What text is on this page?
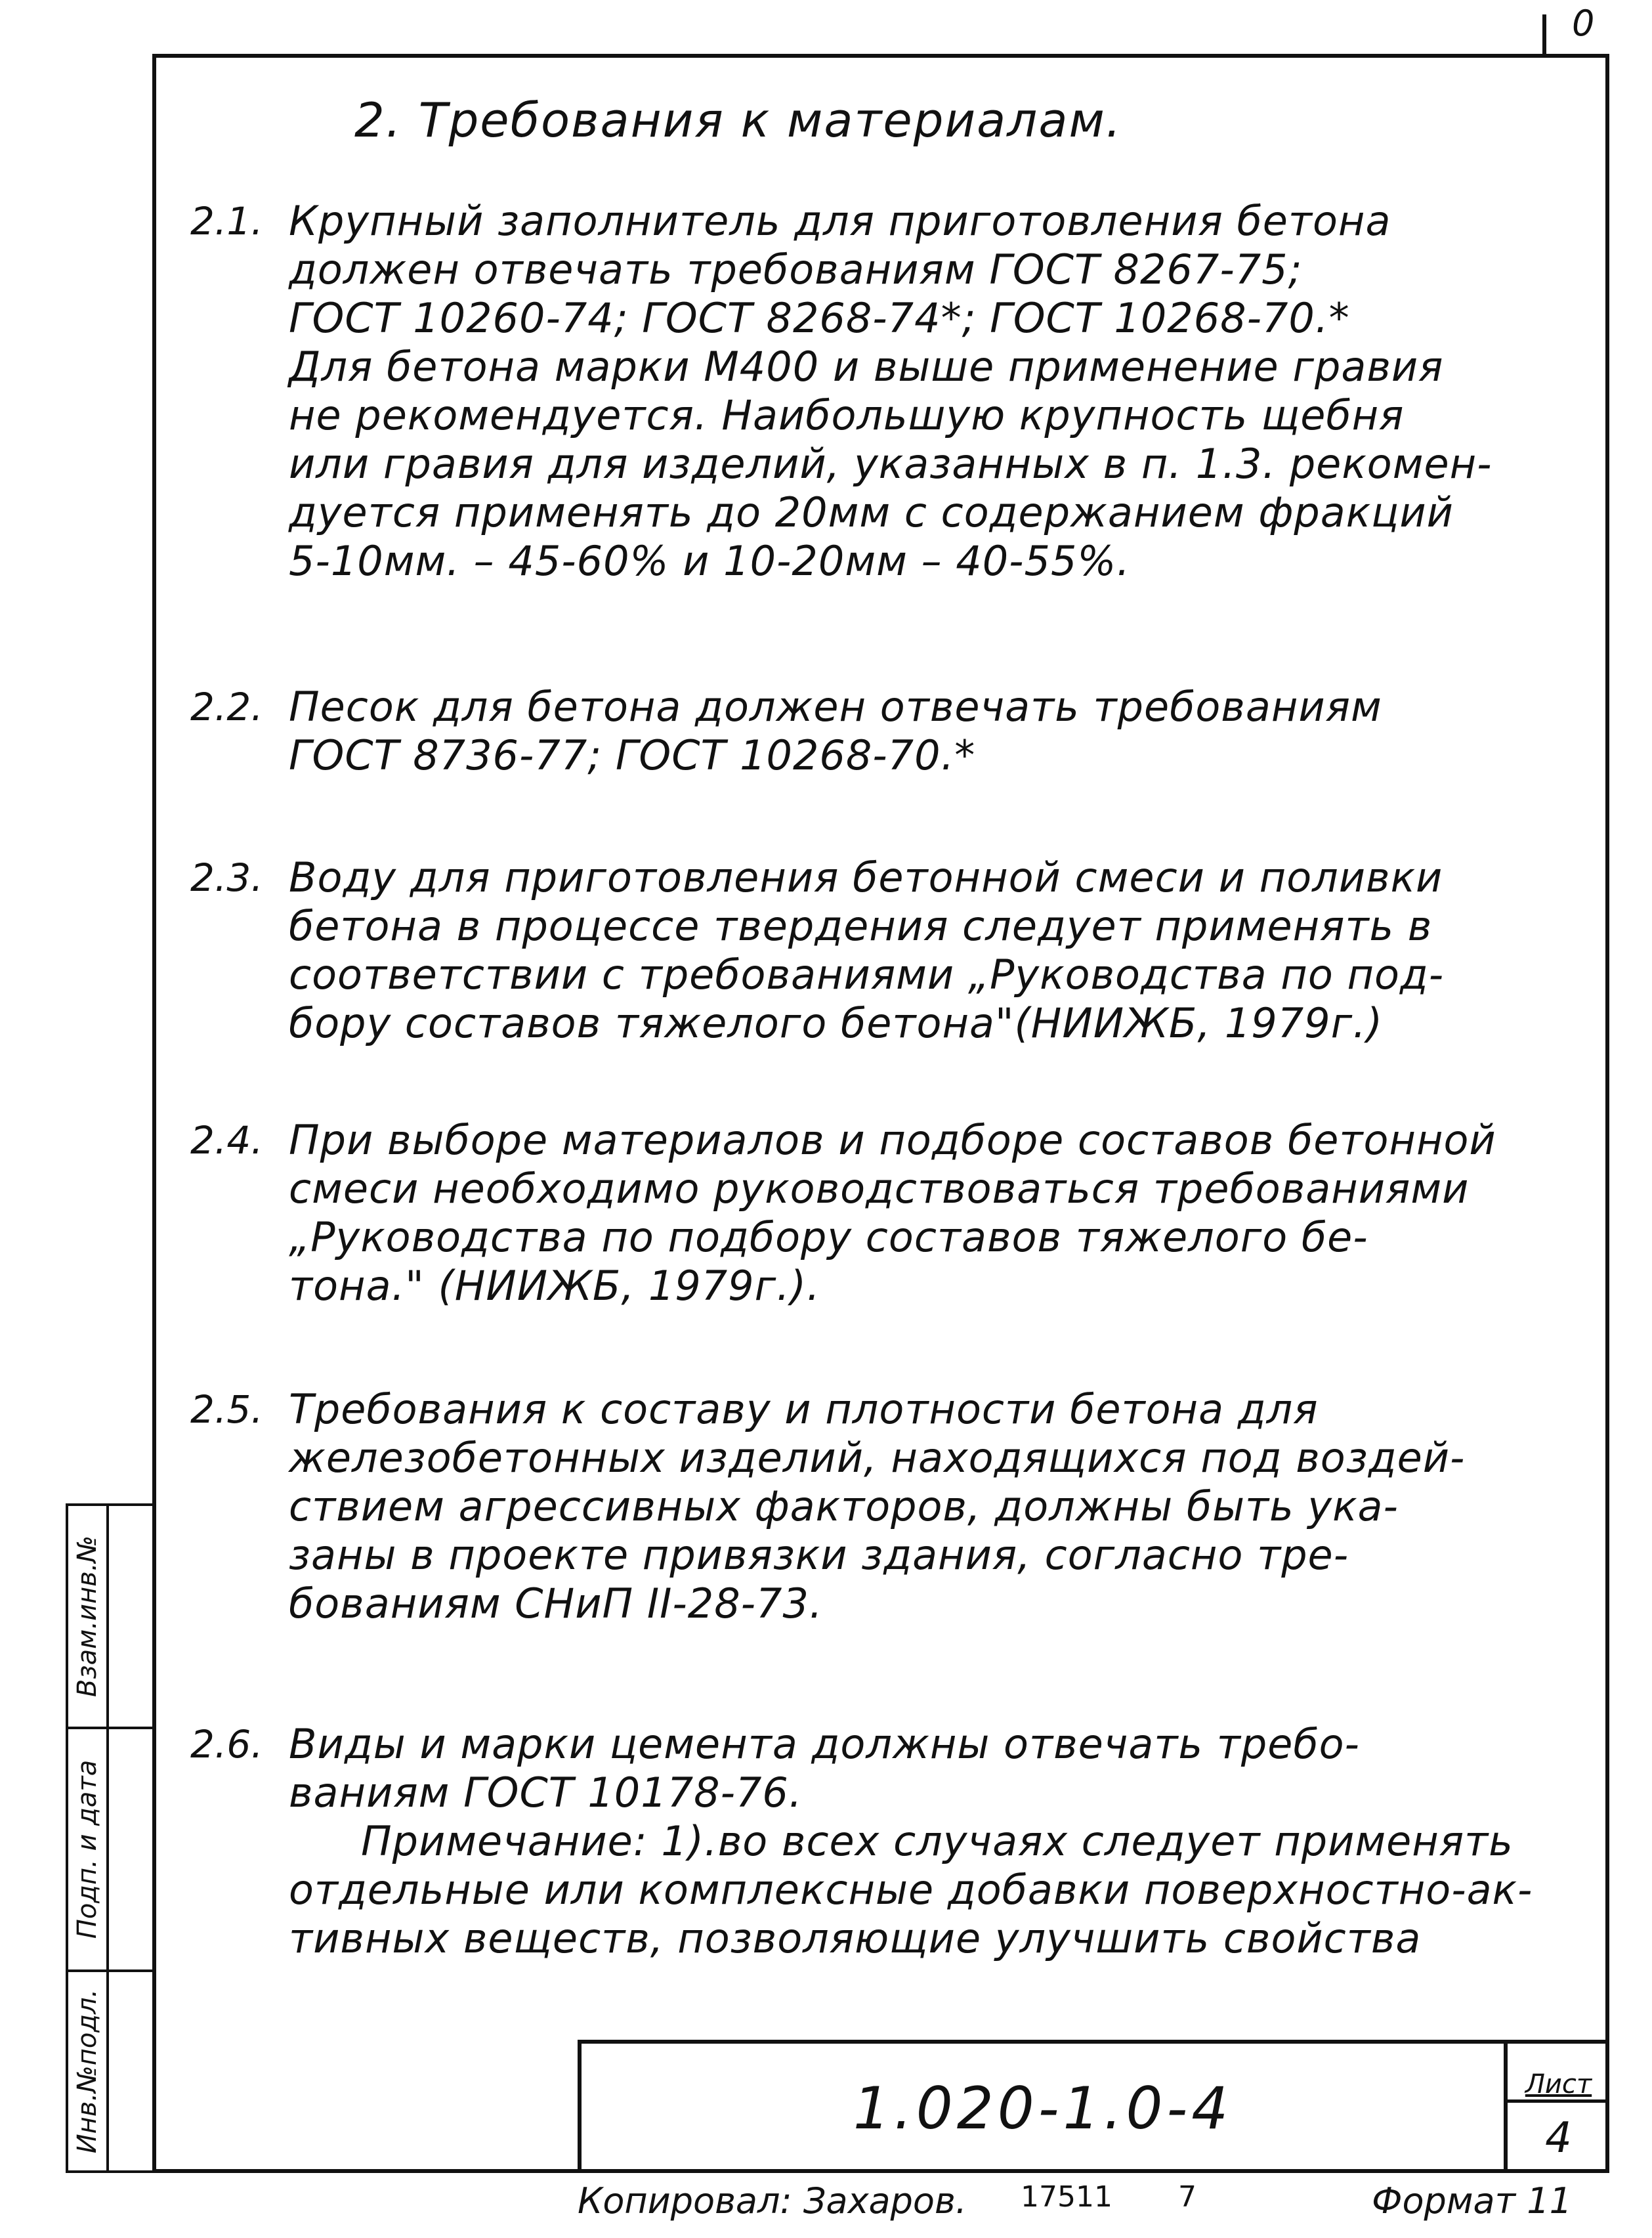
0
2. Требования к материалам.
2.1. Крупный заполнитель для приготовления бетона
должен отвечать требованиям ГОСТ 8267-75;
ГОСТ 10260-74; ГОСТ 8268-74*; ГОСТ 10268-70.*
Для бетона марки М400 и выше применение гравия
не рекомендуется. Наибольшую крупность щебня
или гравия для изделий, указанных в п. 1.3. рекомен-
дуется применять до 20мм с содержанием фракций
5-10мм. – 45-60% и 10-20мм – 40-55%.
2.2. Песок для бетона должен отвечать требованиям
ГОСТ 8736-77; ГОСТ 10268-70.*
2.3. Воду для приготовления бетонной смеси и поливки
бетона в процессе твердения следует применять в
соответствии с требованиями „Руководства по под-
бору составов тяжелого бетона"(НИИЖБ, 1979г.)
2.4. При выборе материалов и подборе составов бетонной
смеси необходимо руководствоваться требованиями
„Руководства по подбору составов тяжелого бе-
тона." (НИИЖБ, 1979г.).
2.5. Требования к составу и плотности бетона для
железобетонных изделий, находящихся под воздей-
ствием агрессивных факторов, должны быть ука-
заны в проекте привязки здания, согласно тре-
бованиям СНиП II-28-73.
2.6. Виды и марки цемента должны отвечать требо-
ваниям ГОСТ 10178-76.
Примечание: 1).во всех случаях следует применять
отдельные или комплексные добавки поверхностно-ак-
тивных веществ, позволяющие улучшить свойства
Взам.инв.№
Подп. и дата
Инв.№подл.	1.020-1.0-4	Лист
4
Копировал: Захаров. 17511 7	Формат 11
